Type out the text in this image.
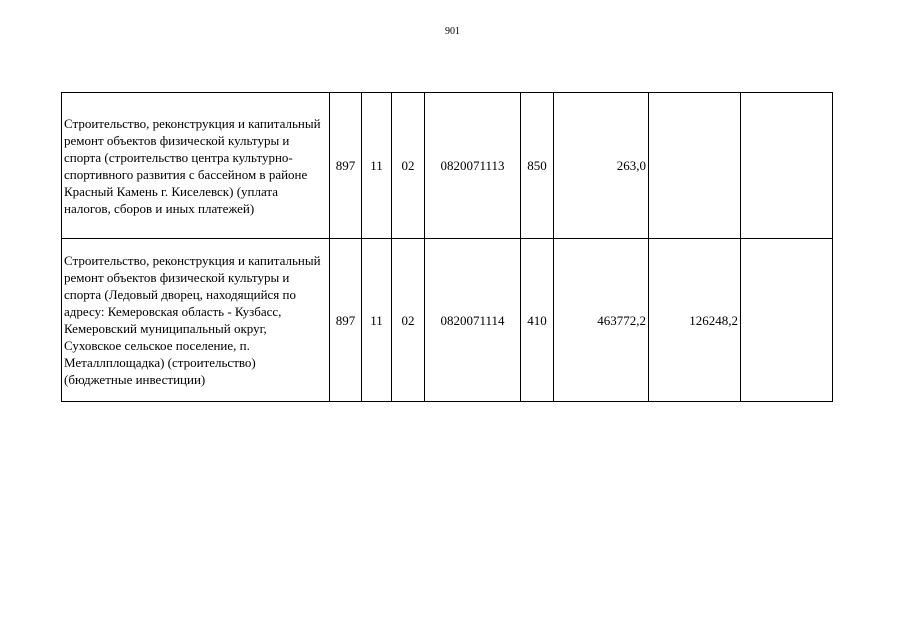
901
Строительство, реконструкция и капитальный ремонт объектов физической культуры и спорта (строительство центра культурно-спортивного развития с бассейном в районе Красный Камень г. Киселевск) (уплата налогов, сборов и иных платежей)	897	11	02	0820071113	850	263,0		
Строительство, реконструкция и капитальный ремонт объектов физической культуры и спорта (Ледовый дворец, находящийся по адресу: Кемеровская область - Кузбасс, Кемеровский муниципальный округ, Суховское сельское поселение, п. Металлплощадка) (строительство) (бюджетные инвестиции)	897	11	02	0820071114	410	463772,2	126248,2	
